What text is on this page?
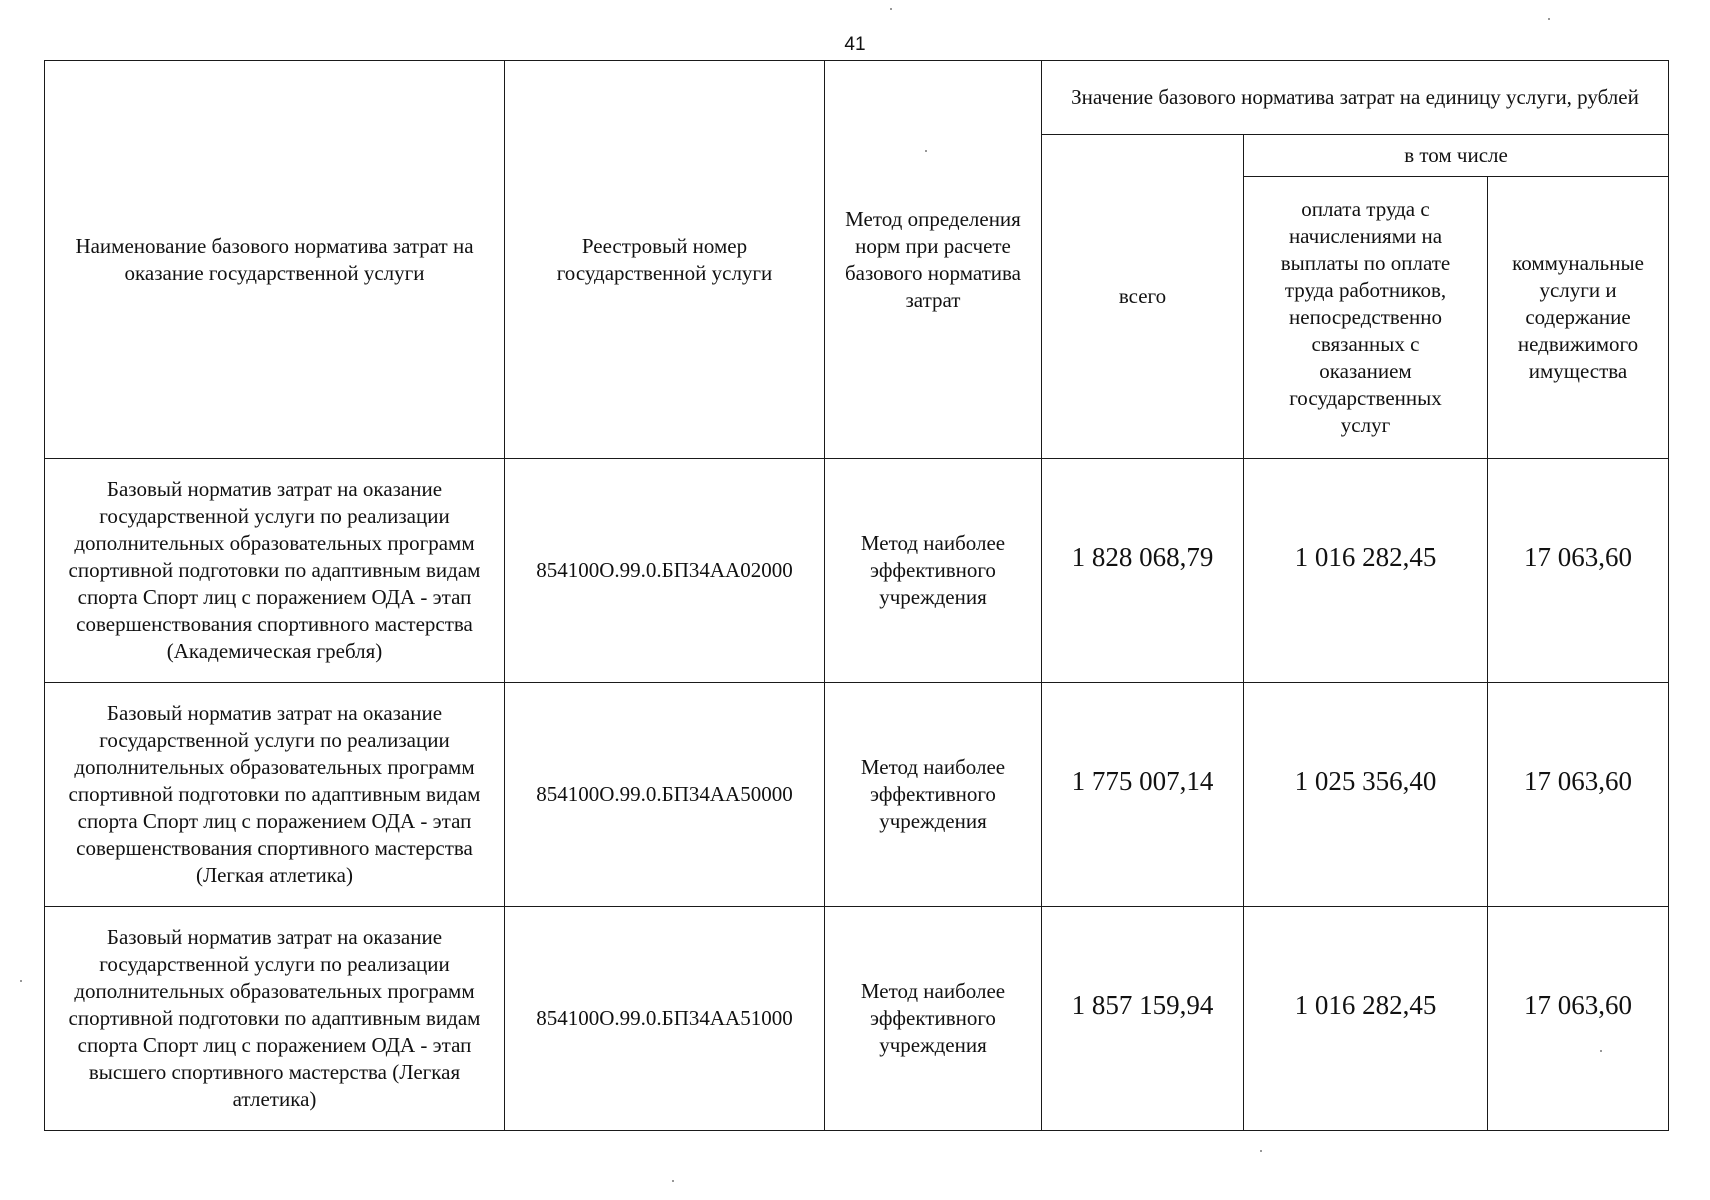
41
Наименование базового норматива затрат на оказание государственной услуги	Реестровый номер государственной услуги	Метод определения норм при расчете базового норматива затрат	Значение базового норматива затрат на единицу услуги, рублей		
			всего	в том числе	
				оплата труда с начислениями на выплаты по оплате труда работников, непосредственно связанных с оказанием государственных услуг	коммунальные услуги и содержание недвижимого имущества
Базовый норматив затрат на оказание государственной услуги по реализации дополнительных образовательных программ спортивной подготовки по адаптивным видам спорта Спорт лиц с поражением ОДА - этап совершенствования спортивного мастерства (Академическая гребля)	854100О.99.0.БП34АА02000	Метод наиболее эффективного учреждения	1 828 068,79	1 016 282,45	17 063,60
Базовый норматив затрат на оказание государственной услуги по реализации дополнительных образовательных программ спортивной подготовки по адаптивным видам спорта Спорт лиц с поражением ОДА - этап совершенствования спортивного мастерства (Легкая атлетика)	854100О.99.0.БП34АА50000	Метод наиболее эффективного учреждения	1 775 007,14	1 025 356,40	17 063,60
Базовый норматив затрат на оказание государственной услуги по реализации дополнительных образовательных программ спортивной подготовки по адаптивным видам спорта Спорт лиц с поражением ОДА - этап высшего спортивного мастерства (Легкая атлетика)	854100О.99.0.БП34АА51000	Метод наиболее эффективного учреждения	1 857 159,94	1 016 282,45	17 063,60
